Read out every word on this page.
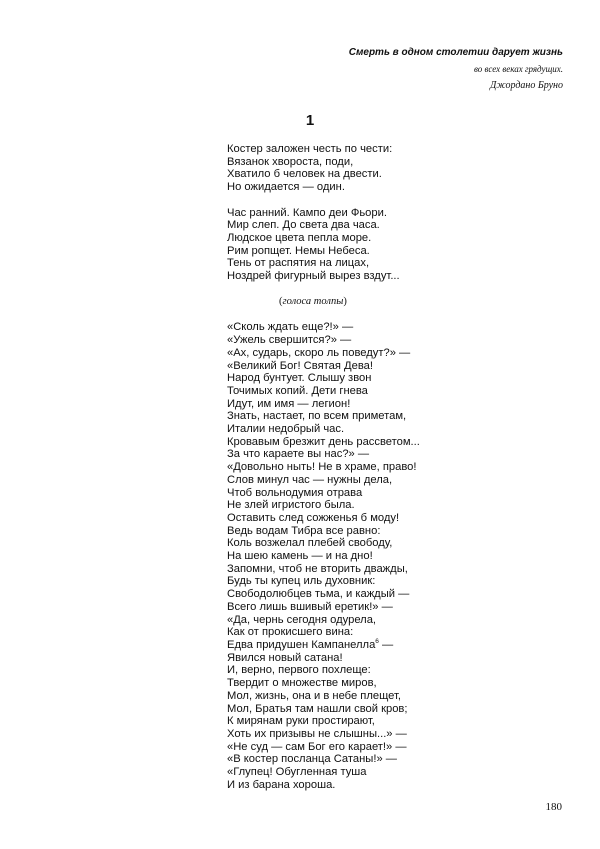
Смерть в одном столетии дарует жизнь
во всех веках грядущих.
Джордано Бруно
1
Костер заложен честь по чести:
Вязанок хвороста, поди,
Хватило б человек на двести.
Но ожидается — один.
Час ранний. Кампо деи Фьори.
Мир слеп. До света два часа.
Людское цвета пепла море.
Рим ропщет. Немы Небеса.
Тень от распятия на лицах,
Ноздрей фигурный вырез вздут...
(голоса толпы)
«Сколь ждать еще?!» —
«Ужель свершится?» —
«Ах, сударь, скоро ль поведут?» —
«Великий Бог! Святая Дева!
Народ бунтует. Слышу звон
Точимых копий. Дети гнева
Идут, им имя — легион!
Знать, настает, по всем приметам,
Италии недобрый час.
Кровавым брезжит день рассветом...
За что караете вы нас?» —
«Довольно ныть! Не в храме, право!
Слов минул час — нужны дела,
Чтоб вольнодумия отрава
Не злей игристого была.
Оставить след сожженья б моду!
Ведь водам Тибра все равно:
Коль возжелал плебей свободу,
На шею камень — и на дно!
Запомни, чтоб не вторить дважды,
Будь ты купец иль духовник:
Свободолюбцев тьма, и каждый —
Всего лишь вшивый еретик!» —
«Да, чернь сегодня одурела,
Как от прокисшего вина:
Едва придушен Кампанелла$^6$ —
Явился новый сатана!
И, верно, первого похлеще:
Твердит о множестве миров,
Мол, жизнь, она и в небе плещет,
Мол, Братья там нашли свой кров;
К мирянам руки простирают,
Хоть их призывы не слышны...» —
«Не суд — сам Бог его карает!» —
«В костер посланца Сатаны!» —
«Глупец! Обугленная туша
И из барана хороша.
180
